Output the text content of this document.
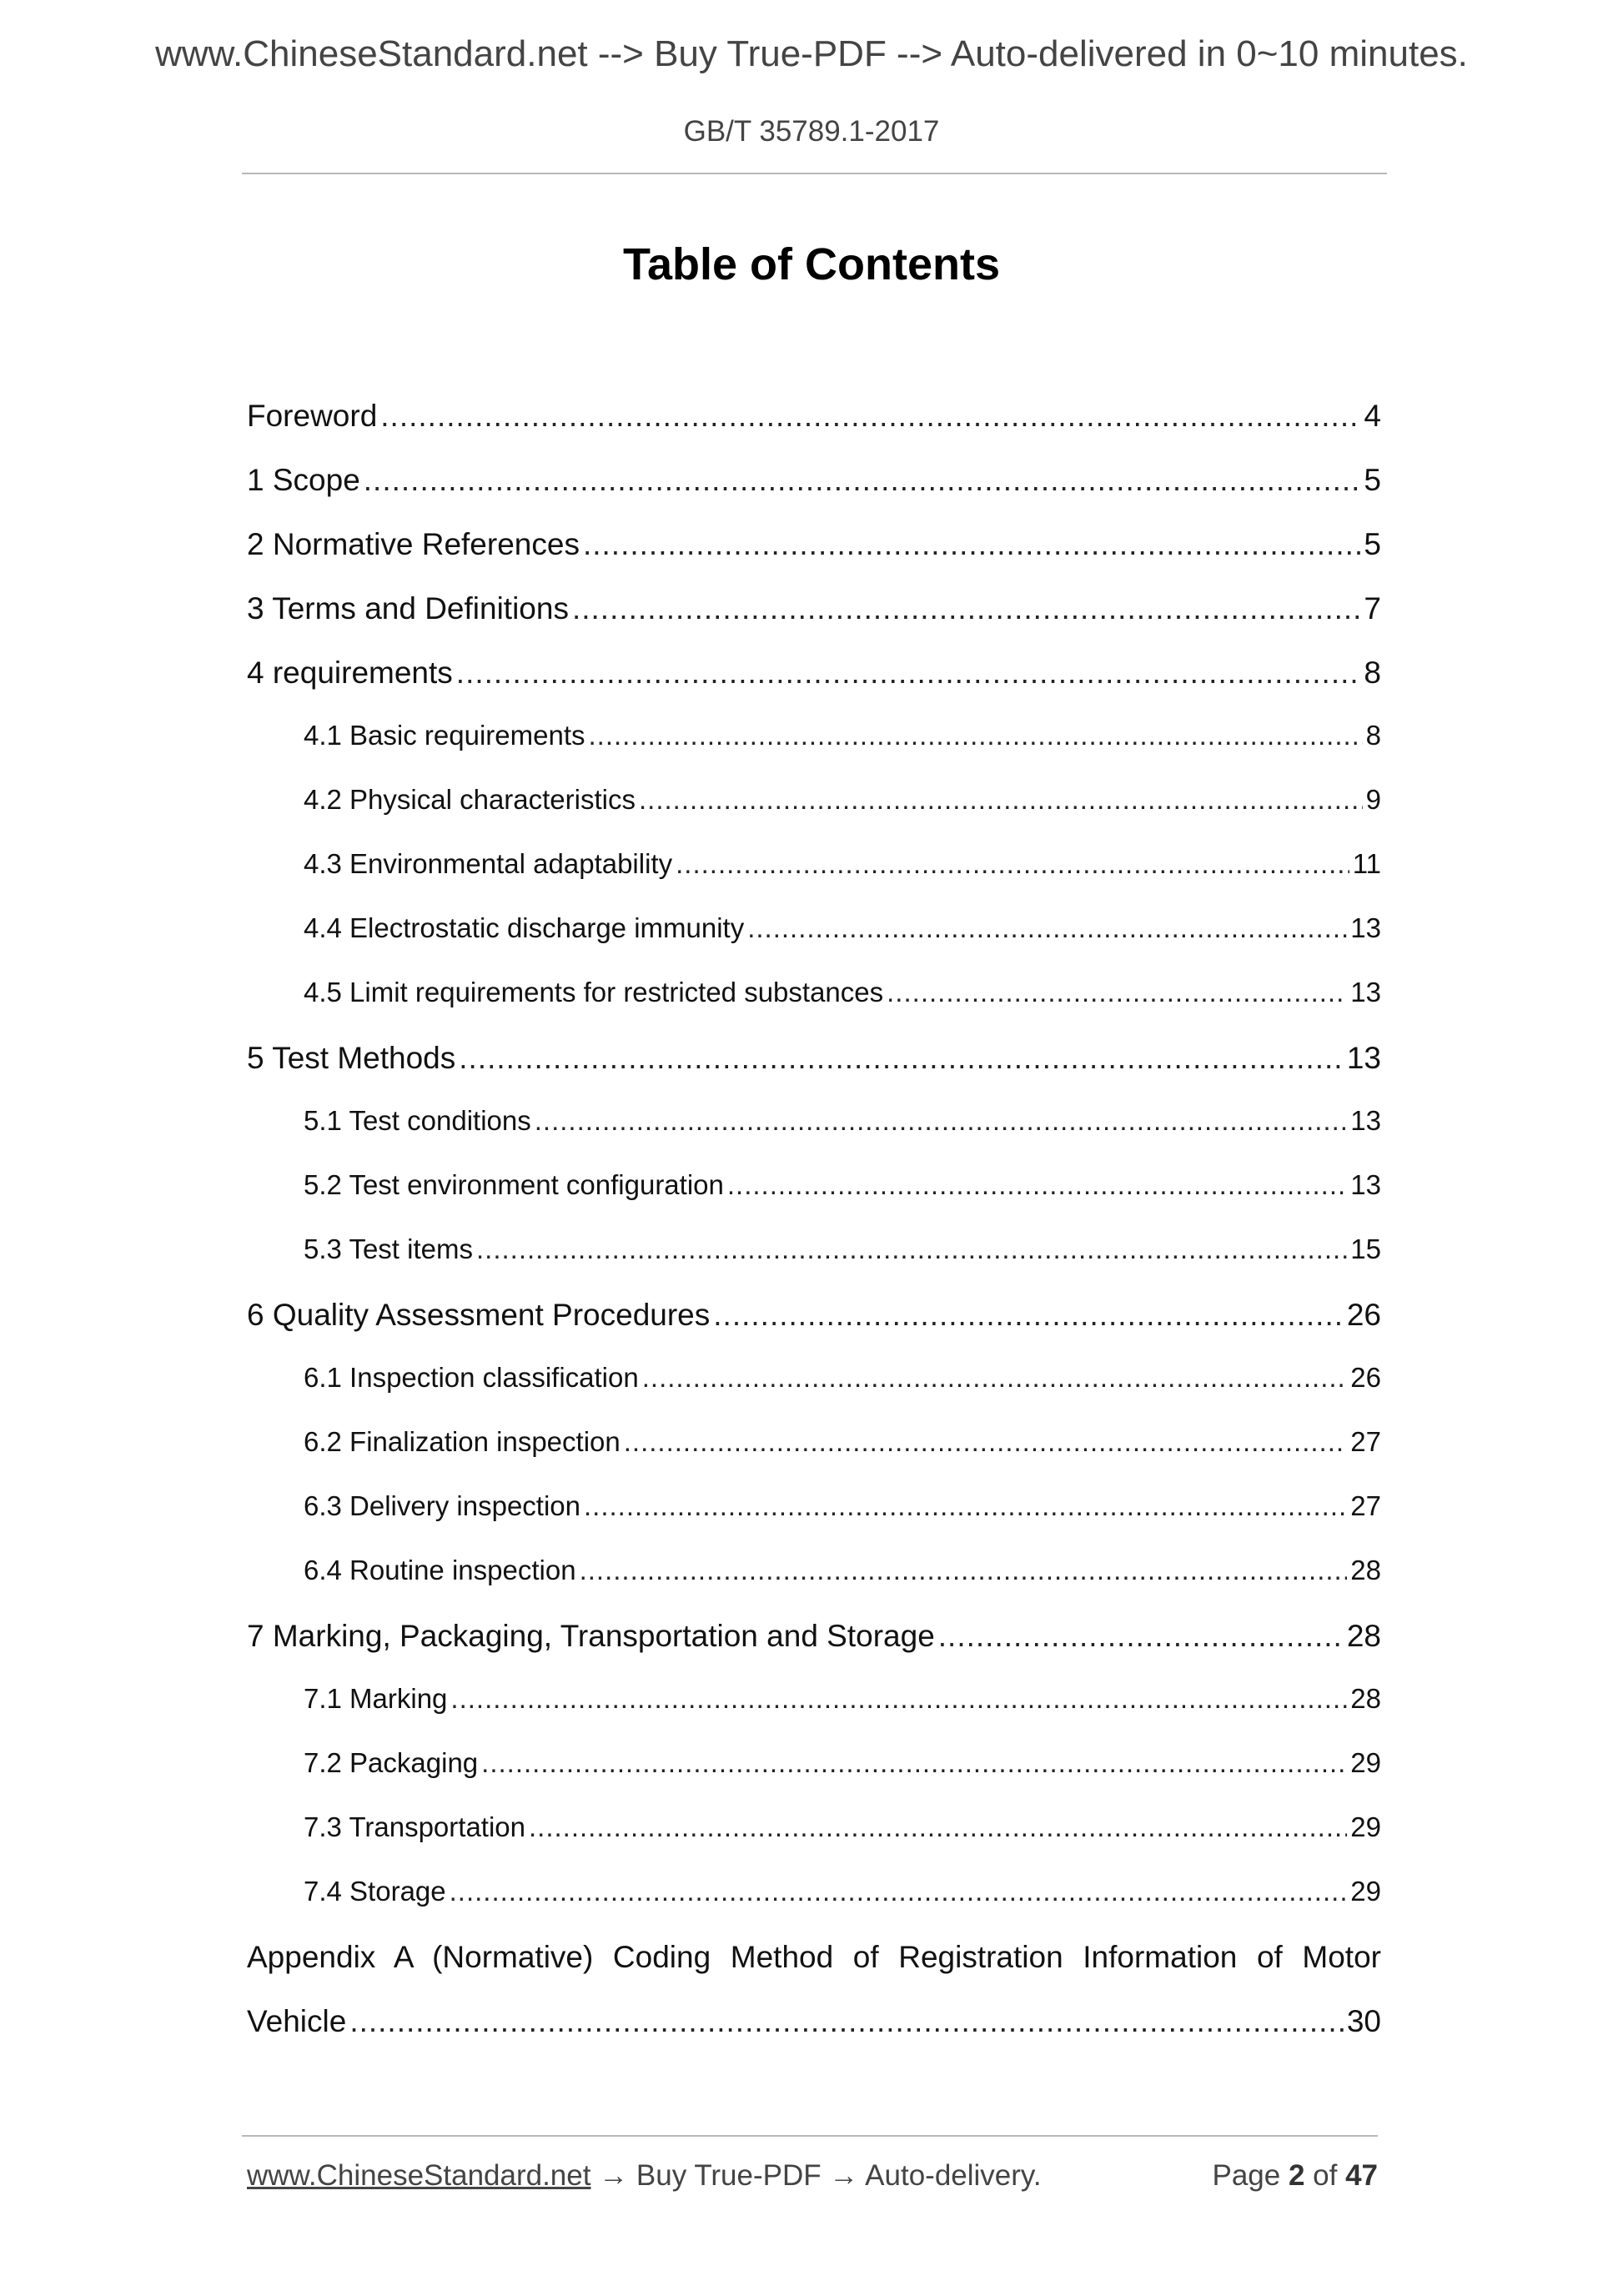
www.ChineseStandard.net --> Buy True-PDF --> Auto-delivered in 0~10 minutes.
GB/T 35789.1-2017
Table of Contents
Foreword .....	4
1 Scope .....	5
2 Normative References .....	5
3 Terms and Definitions .....	7
4 requirements .....	8
4.1 Basic requirements .....	8
4.2 Physical characteristics .....	9
4.3 Environmental adaptability .....	11
4.4 Electrostatic discharge immunity .....	13
4.5 Limit requirements for restricted substances .....	13
5 Test Methods .....	13
5.1 Test conditions .....	13
5.2 Test environment configuration .....	13
5.3 Test items .....	15
6 Quality Assessment Procedures .....	26
6.1 Inspection classification .....	26
6.2 Finalization inspection .....	27
6.3 Delivery inspection .....	27
6.4 Routine inspection .....	28
7 Marking, Packaging, Transportation and Storage .....	28
7.1 Marking .....	28
7.2 Packaging .....	29
7.3 Transportation .....	29
7.4 Storage .....	29
Appendix A (Normative) Coding Method of Registration Information of Motor
Vehicle .....	30
www.ChineseStandard.net → Buy True-PDF → Auto-delivery.	Page 2 of 47
